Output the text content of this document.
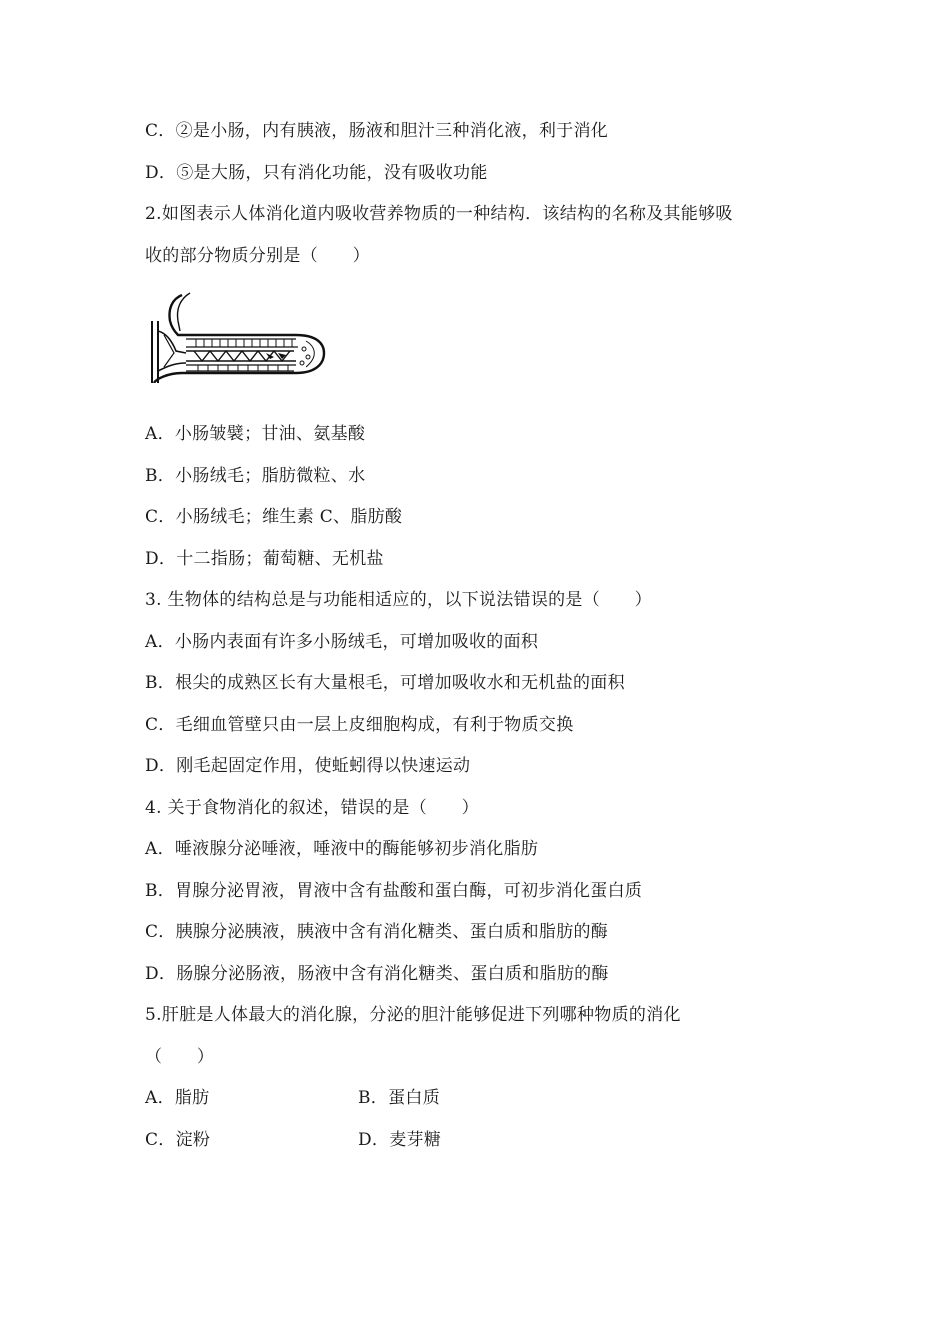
C．②是小肠，内有胰液，肠液和胆汁三种消化液，利于消化
D．⑤是大肠，只有消化功能，没有吸收功能
2.如图表示人体消化道内吸收营养物质的一种结构．该结构的名称及其能够吸
收的部分物质分别是（　　）
A．小肠皱襞；甘油、氨基酸
B．小肠绒毛；脂肪微粒、水
C．小肠绒毛；维生素 C、脂肪酸
D．十二指肠；葡萄糖、无机盐
3. 生物体的结构总是与功能相适应的，以下说法错误的是（　　）
A．小肠内表面有许多小肠绒毛，可增加吸收的面积
B．根尖的成熟区长有大量根毛，可增加吸收水和无机盐的面积
C．毛细血管壁只由一层上皮细胞构成，有利于物质交换
D．刚毛起固定作用，使蚯蚓得以快速运动
4. 关于食物消化的叙述，错误的是（　　）
A．唾液腺分泌唾液，唾液中的酶能够初步消化脂肪
B．胃腺分泌胃液，胃液中含有盐酸和蛋白酶，可初步消化蛋白质
C．胰腺分泌胰液，胰液中含有消化糖类、蛋白质和脂肪的酶
D．肠腺分泌肠液，肠液中含有消化糖类、蛋白质和脂肪的酶
5.肝脏是人体最大的消化腺，分泌的胆汁能够促进下列哪种物质的消化
（　　）
A．脂肪	B．蛋白质
C．淀粉	D．麦芽糖
